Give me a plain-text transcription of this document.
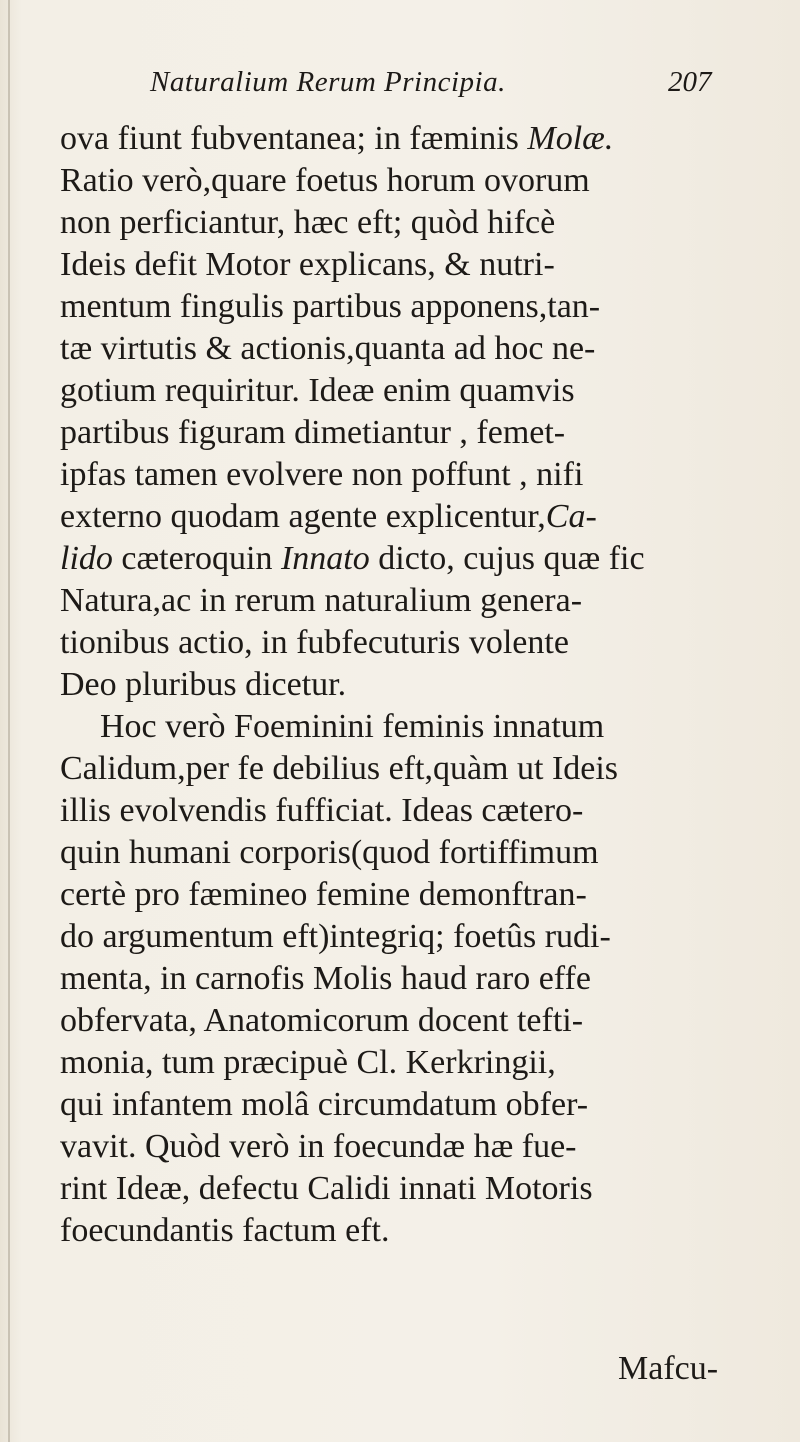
Naturalium Rerum Principia.	207
ova fiunt fubventanea; in fæminis Molæ.
Ratio verò,quare foetus horum ovorum
non perficiantur, hæc eft; quòd hifcè
Ideis defit Motor explicans, & nutri-
mentum fingulis partibus apponens,tan-
tæ virtutis & actionis,quanta ad hoc ne-
gotium requiritur. Ideæ enim quamvis
partibus figuram dimetiantur , femet-
ipfas tamen evolvere non poffunt , nifi
externo quodam agente explicentur,Ca-
lido cæteroquin Innato dicto, cujus quæ fic
Natura,ac in rerum naturalium genera-
tionibus actio, in fubfecuturis volente
Deo pluribus dicetur.
Hoc verò Foeminini feminis innatum
Calidum,per fe debilius eft,quàm ut Ideis
illis evolvendis fufficiat. Ideas cætero-
quin humani corporis(quod fortiffimum
certè pro fæmineo femine demonftran-
do argumentum eft)integriq; foetûs rudi-
menta, in carnofis Molis haud raro effe
obfervata, Anatomicorum docent tefti-
monia, tum præcipuè Cl. Kerkringii,
qui infantem molâ circumdatum obfer-
vavit. Quòd verò in foecundæ hæ fue-
rint Ideæ, defectu Calidi innati Motoris
foecundantis factum eft.
Mafcu-
